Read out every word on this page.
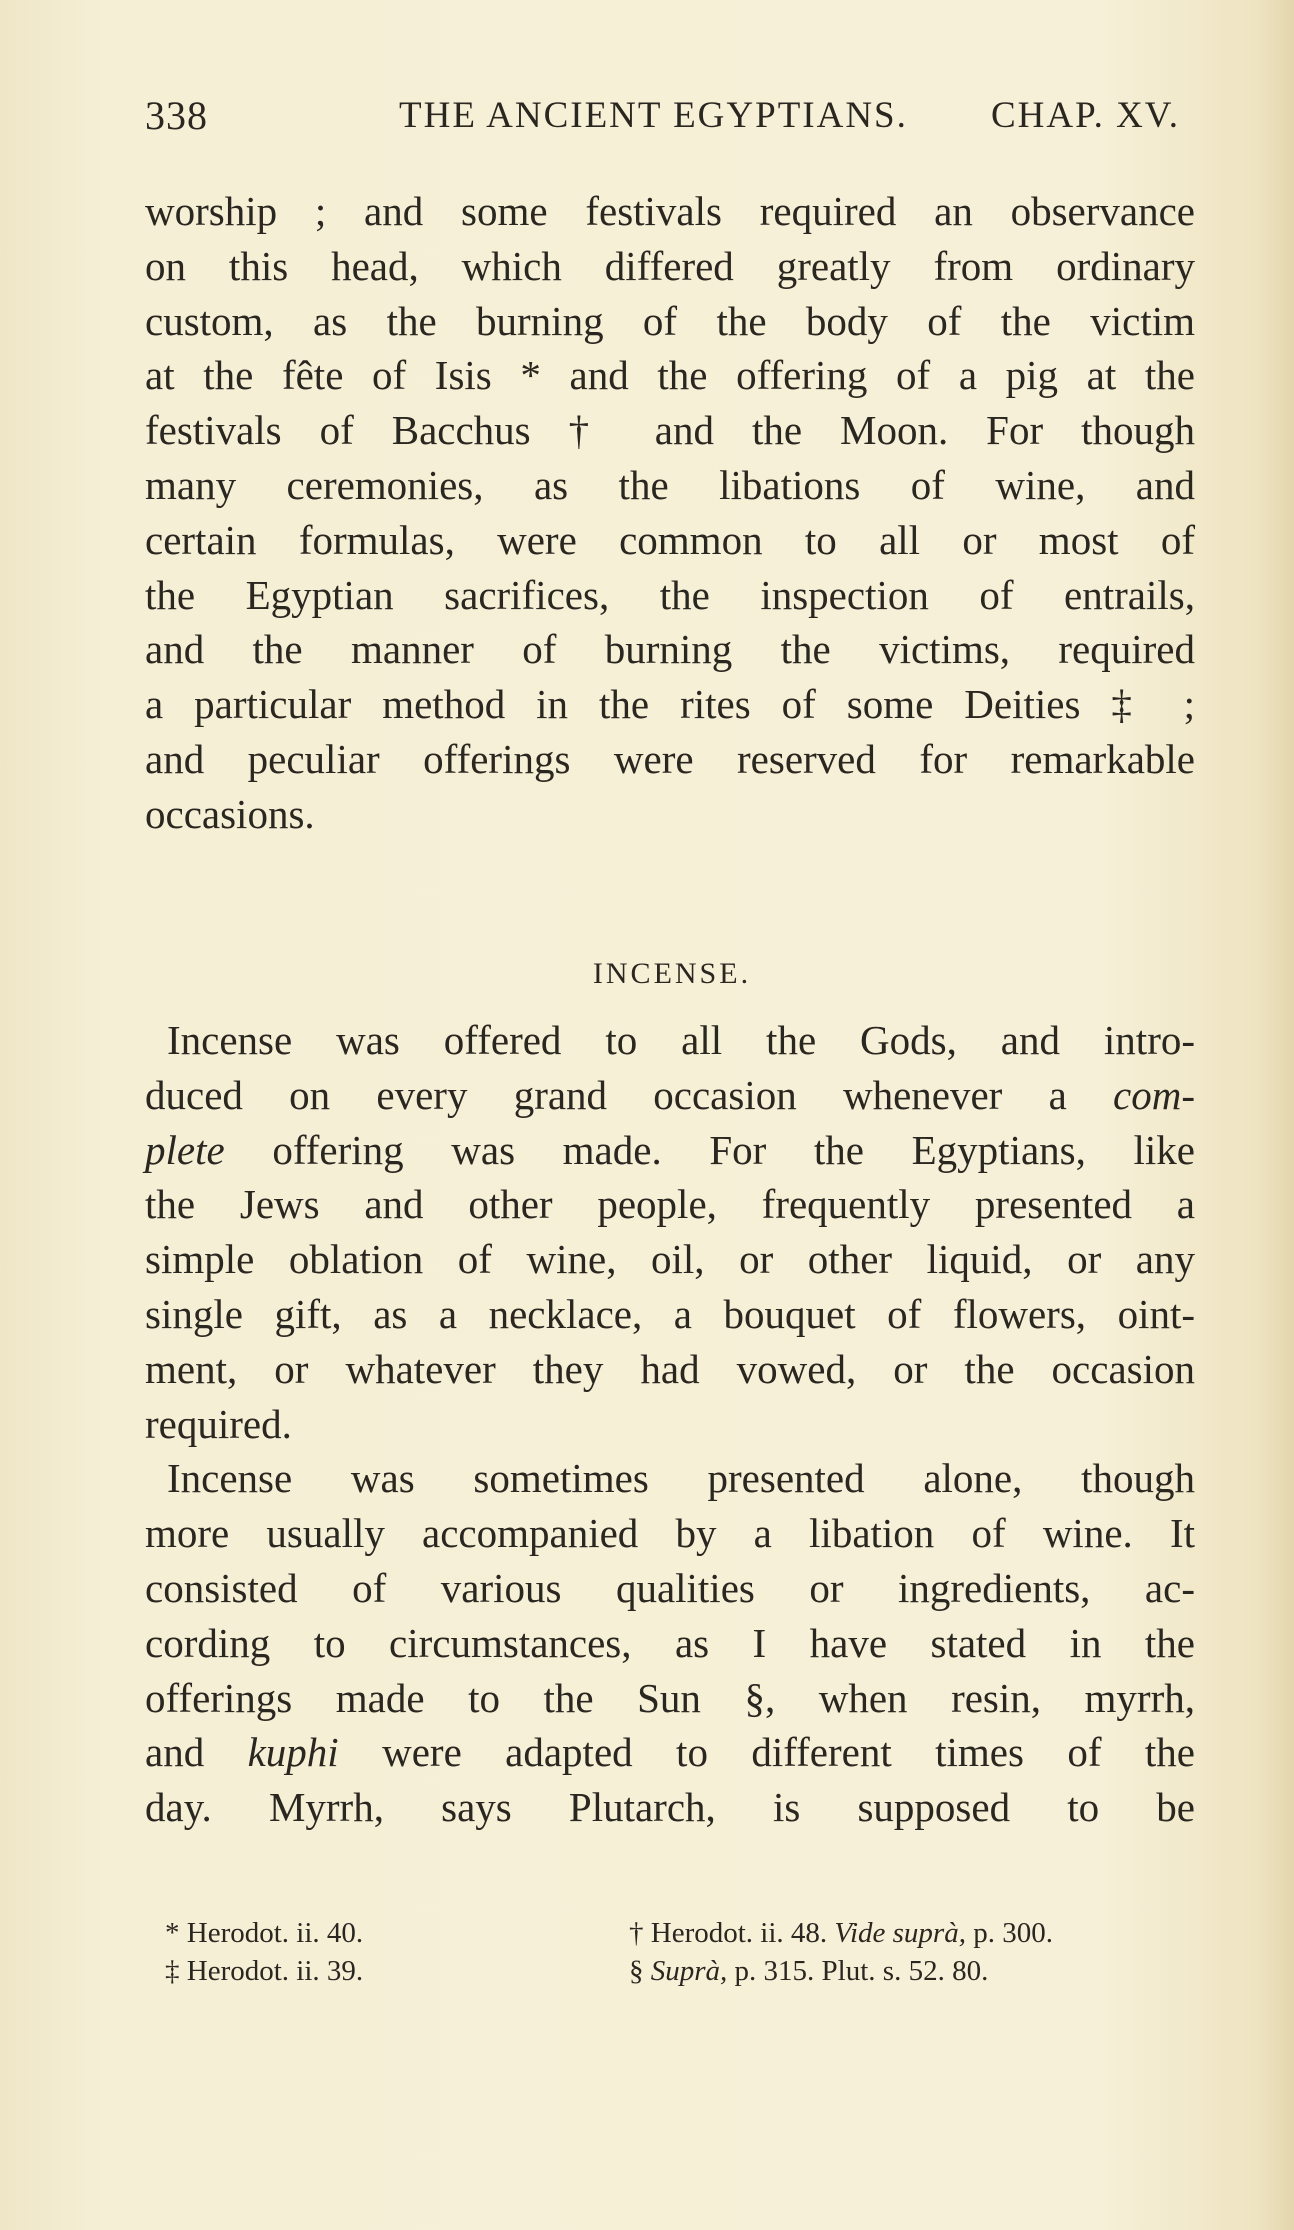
338	THE ANCIENT EGYPTIANS. CHAP. XV.
worship ; and some festivals required an observance
on this head, which differed greatly from ordinary
custom, as the burning of the body of the victim
at the fête of Isis * and the offering of a pig at the
festivals of Bacchus † and the Moon. For though
many ceremonies, as the libations of wine, and
certain formulas, were common to all or most of
the Egyptian sacrifices, the inspection of entrails,
and the manner of burning the victims, required
a particular method in the rites of some Deities ‡ ;
and peculiar offerings were reserved for remarkable
occasions.
INCENSE.
Incense was offered to all the Gods, and intro-
duced on every grand occasion whenever a com-
plete offering was made. For the Egyptians, like
the Jews and other people, frequently presented a
simple oblation of wine, oil, or other liquid, or any
single gift, as a necklace, a bouquet of flowers, oint-
ment, or whatever they had vowed, or the occasion
required.
Incense was sometimes presented alone, though
more usually accompanied by a libation of wine. It
consisted of various qualities or ingredients, ac-
cording to circumstances, as I have stated in the
offerings made to the Sun §, when resin, myrrh,
and kuphi were adapted to different times of the
day. Myrrh, says Plutarch, is supposed to be
* Herodot. ii. 40.	† Herodot. ii. 48. Vide suprà, p. 300.
‡ Herodot. ii. 39.	§ Suprà, p. 315. Plut. s. 52. 80.
